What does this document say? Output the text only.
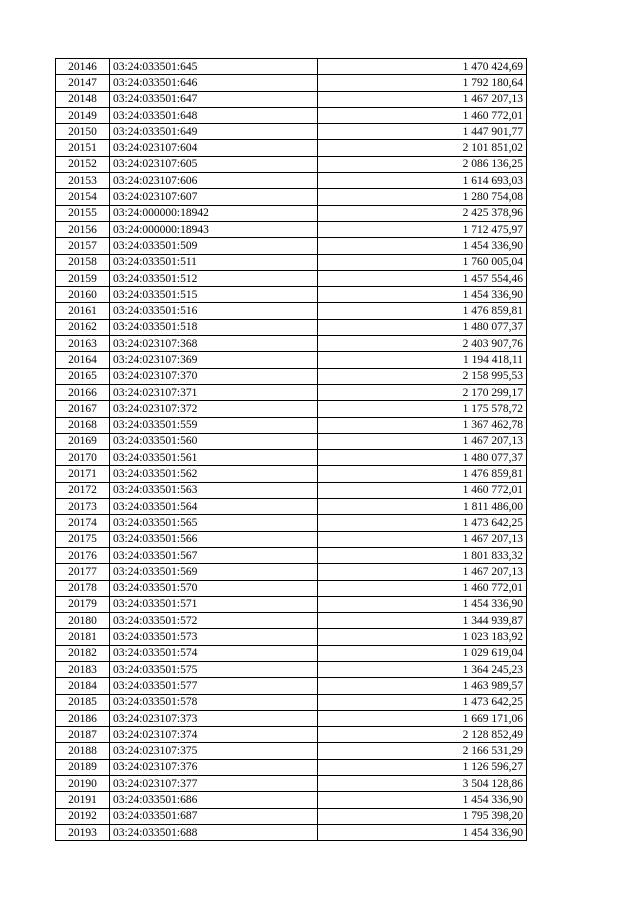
20146	03:24:033501:645	1 470 424,69
20147	03:24:033501:646	1 792 180,64
20148	03:24:033501:647	1 467 207,13
20149	03:24:033501:648	1 460 772,01
20150	03:24:033501:649	1 447 901,77
20151	03:24:023107:604	2 101 851,02
20152	03:24:023107:605	2 086 136,25
20153	03:24:023107:606	1 614 693,03
20154	03:24:023107:607	1 280 754,08
20155	03:24:000000:18942	2 425 378,96
20156	03:24:000000:18943	1 712 475,97
20157	03:24:033501:509	1 454 336,90
20158	03:24:033501:511	1 760 005,04
20159	03:24:033501:512	1 457 554,46
20160	03:24:033501:515	1 454 336,90
20161	03:24:033501:516	1 476 859,81
20162	03:24:033501:518	1 480 077,37
20163	03:24:023107:368	2 403 907,76
20164	03:24:023107:369	1 194 418,11
20165	03:24:023107:370	2 158 995,53
20166	03:24:023107:371	2 170 299,17
20167	03:24:023107:372	1 175 578,72
20168	03:24:033501:559	1 367 462,78
20169	03:24:033501:560	1 467 207,13
20170	03:24:033501:561	1 480 077,37
20171	03:24:033501:562	1 476 859,81
20172	03:24:033501:563	1 460 772,01
20173	03:24:033501:564	1 811 486,00
20174	03:24:033501:565	1 473 642,25
20175	03:24:033501:566	1 467 207,13
20176	03:24:033501:567	1 801 833,32
20177	03:24:033501:569	1 467 207,13
20178	03:24:033501:570	1 460 772,01
20179	03:24:033501:571	1 454 336,90
20180	03:24:033501:572	1 344 939,87
20181	03:24:033501:573	1 023 183,92
20182	03:24:033501:574	1 029 619,04
20183	03:24:033501:575	1 364 245,23
20184	03:24:033501:577	1 463 989,57
20185	03:24:033501:578	1 473 642,25
20186	03:24:023107:373	1 669 171,06
20187	03:24:023107:374	2 128 852,49
20188	03:24:023107:375	2 166 531,29
20189	03:24:023107:376	1 126 596,27
20190	03:24:023107:377	3 504 128,86
20191	03:24:033501:686	1 454 336,90
20192	03:24:033501:687	1 795 398,20
20193	03:24:033501:688	1 454 336,90
